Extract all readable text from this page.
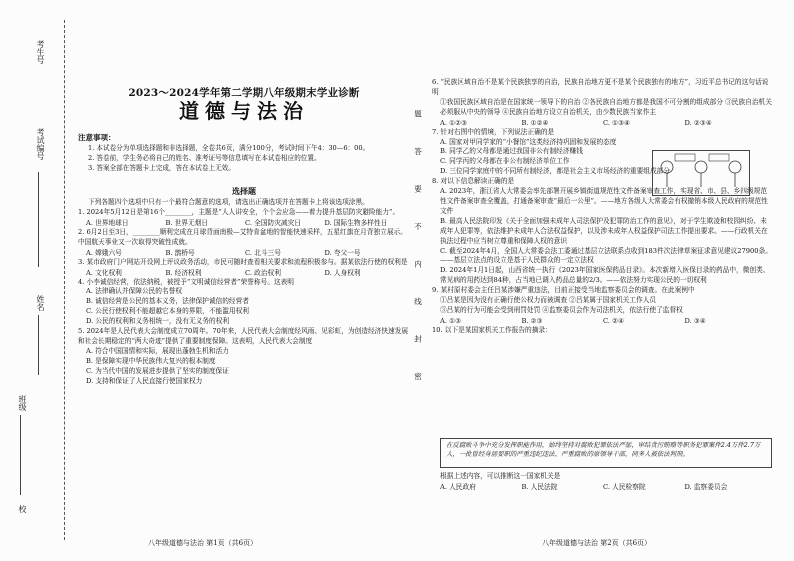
考试编号
姓名
班级
校
2023～2024学年第二学期八年级期末学业诊断
道德与法治
注意事项：

1. 本试卷分为单项选择题和非选择题，全卷共6页，满分100分，考试时间下午4：30—6：00。

2. 答卷前，学生务必将自己的姓名、准考证号等信息填写在本试卷相应的位置。

3. 答案全部在答题卡上完成，答在本试卷上无效。

选择题

下列各题四个选项中只有一个最符合题意的选项，请选出正确选项并在答题卡上将该选项涂黑。

1. 2024年5月12日是第16个________，主题是“人人讲安全，个个会应急——着力提升基层防灾避险能力”。

A. 世界地球日	B. 世界无烟日	C. 全国防灾减灾日	D. 国际生物多样性日

2. 6月2日至3日，________顺利完成在月球背面南极—艾特肯盆地的智能快速采样，五星红旗在月背独立展示。中国航天事业又一次取得突破性成就。

A. 嫦娥六号	B. 鹊桥号	C. 北斗三号	D. 夸父一号

3. 某市政府门户网站开设网上评议政务活动，市民可随时查看相关要求和流程积极参与。据某依法行使的权利是

A. 文化权利	B. 经济权利	C. 政治权利	D. 人身权利

4. 小李诚信经营，依法纳税，被授予“文明诚信经营者”荣誉称号。这表明

A. 法律确认并保障公民的名誉权

B. 诚信经营是公民的基本义务，法律保护诚信的经营者

C. 公民行使权利不能超越它本身的界限，不能滥用权利

D. 公民的权利和义务相统一，没有无义务的权利

5. 2024年是人民代表大会制度成立70周年。70年来，人民代表大会制度经风雨、见彩虹，为创造经济快速发展和社会长期稳定的“两大奇迹”提供了重要制度保障。这表明，人民代表大会制度

A. 符合中国国情和实际，展现出蓬勃生机和活力

B. 是保障实现中华民族伟大复兴的根本制度

C. 为当代中国的发展进步提供了坚实的制度保证

D. 支持和保证了人民直接行使国家权力

八年级道德与法治 第1页（共6页）

6. “民族区域自治不是某个民族独享的自治，民族自治地方更不是某个民族独有的地方”，习近平总书记的这句话说明

①我国民族区域自治是在国家统一领导下的自治 ②各民族自治地方都是我国不可分割的组成部分 ③民族自治机关必须服从中央的领导 ④民族自治地方设立自治机关，由少数民族当家作主

A. ①②③	B. ①②④	C. ①③④	D. ②③④

7. 针对右图中的情境，下列说法正确的是

A. 国家对甲同学家的“小餐馆”这类经济持巩固和发展的态度

B. 同学乙的父母都是通过我国非公有制经济赚钱

C. 同学丙的父母都在非公有制经济单位工作

D. 三位同学家庭中的不同所有制经济，都是社会主义市场经济的重要组成部分

8. 对以下信息解读正确的是

A. 2023年，浙江省人大常委会率先部署开展乡镇街道规范性文件备案审查工作，实现省、市、县、乡四级规范性文件备案审查全覆盖，打通备案审查“最后一公里”。——地方各级人大常委会有权撤销本级人民政府的规范性文件

B. 最高人民法院印发《关于全面加强未成年人司法保护及犯罪防治工作的意见》，对于学生欺凌和校园纠纷、未成年人犯罪等，依法维护未成年人合法权益保护，以及涉未成年人权益保护司法工作提出要求。——行政机关在执法过程中应当树立尊重和保障人权的意识

C. 截至2024年4月，全国人大常委会法工委通过基层立法联系点收到183件次法律草案征求意见建议27900条。——基层立法点的设立是基于人民群众的一定立法权

D. 2024年1月1日起，山西省统一执行《2023年国家医保药品目录》。本次新增入医保目录的药品中，微创类、常见病的用药达到84种，占当地已调入药品总量的2/3。——依法努力实现公民的一切权利

9. 某村原村委会主任吕某涉嫌严重违法，目前正接受当地监察委员会的调查。在此案例中

①吕某是因为没有正确行使公权力而被调查 ②吕某属于国家机关工作人员

③吕某的行为可能会受到刑罚处罚 ④监察委员会作为司法机关，依法行使了监督权

A. ①③	B. ②③	C. ②④	D. ③④

10. 以下是某国家机关工作报告的摘录：

在反腐败斗争中充分发挥职能作用，始终坚持对腐败犯罪依法严惩，审结贪污贿赂等职务犯罪案件2.4万件2.7万人，一批曾经身居要职的严重违纪违法、严重腐败的原领导干部，同多人被依法判刑。

根据上述内容，可以推断这一国家机关是

A. 人民政府	B. 人民法院	C. 人民检察院	D. 监察委员会
八年级道德与法治 第2页（共6页）
题答要不内线封密
考生号
